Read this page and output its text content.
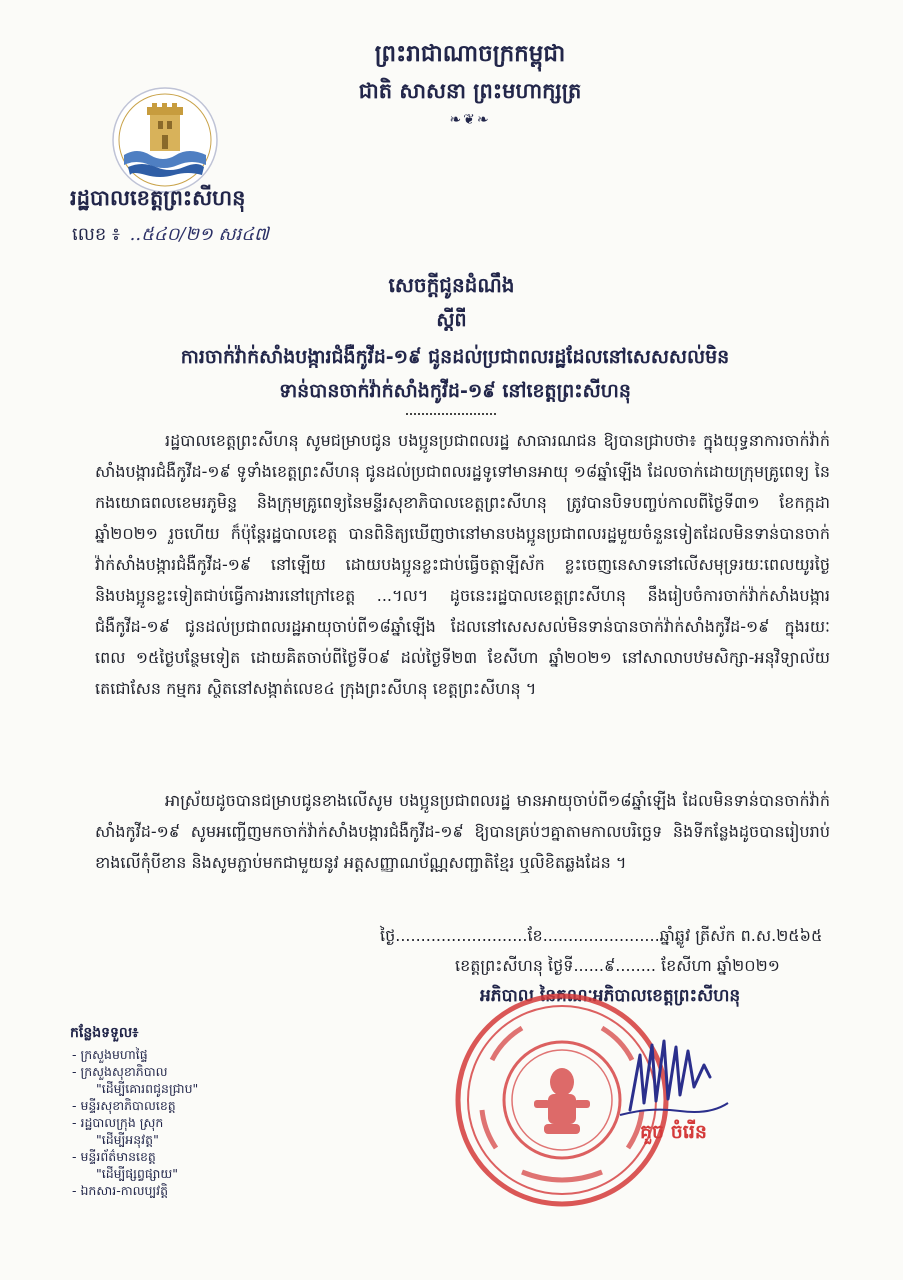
ព្រះរាជាណាចក្រកម្ពុជា
ជាតិ សាសនា ព្រះមហាក្សត្រ
❧❦❧
រដ្ឋបាលខេត្តព្រះសីហនុ
លេខ ៖ ..៥៤០/២១ សរ៤៧
សេចក្តីជូនដំណឹង
ស្តីពី
ការចាក់វ៉ាក់សាំងបង្ការជំងឺកូវីដ-១៩ ជូនដល់ប្រជាពលរដ្ឋដែលនៅសេសសល់មិន
ទាន់បានចាក់វ៉ាក់សាំងកូវីដ-១៩ នៅខេត្តព្រះសីហនុ
រដ្ឋបាលខេត្តព្រះសីហនុ សូមជម្រាបជូន បងប្អូនប្រជាពលរដ្ឋ សាធារណជន ឱ្យបានជ្រាបថា៖ ក្នុងយុទ្ធនាការចាក់វ៉ាក់សាំងបង្ការជំងឺកូវីដ-១៩ ទូទាំងខេត្តព្រះសីហនុ ជូនដល់ប្រជាពលរដ្ឋទូទៅមានអាយុ ១៨ឆ្នាំឡើង ដែលចាក់ដោយក្រុមគ្រូពេទ្យ នៃកងយោធពលខេមរភូមិន្ទ និងក្រុមគ្រូពេទ្យនៃមន្ទីរសុខាភិបាលខេត្តព្រះសីហនុ ត្រូវបានបិទបញ្ចប់កាលពីថ្ងៃទី៣១ ខែកក្កដា ឆ្នាំ២០២១ រួចហើយ ក៏ប៉ុន្តែរដ្ឋបាលខេត្ត បានពិនិត្យឃើញថានៅមានបងប្អូនប្រជាពលរដ្ឋមួយចំនួនទៀតដែលមិនទាន់បានចាក់វ៉ាក់សាំងបង្ការជំងឺកូវីដ-១៩ នៅឡើយ ដោយបងប្អូនខ្លះជាប់ធ្វើចត្តាឡីស័ក ខ្លះចេញនេសាទនៅលើសមុទ្ររយៈពេលយូរថ្ងៃ និងបងប្អូនខ្លះទៀតជាប់ធ្វើការងារនៅក្រៅខេត្ត ...។ល។ ដូចនេះរដ្ឋបាលខេត្តព្រះសីហនុ នឹងរៀបចំការចាក់វ៉ាក់សាំងបង្ការជំងឺកូវីដ-១៩ ជូនដល់ប្រជាពលរដ្ឋអាយុចាប់ពី១៨ឆ្នាំឡើង ដែលនៅសេសសល់មិនទាន់បានចាក់វ៉ាក់សាំងកូវីដ-១៩ ក្នុងរយៈពេល ១៥ថ្ងៃបន្ថែមទៀត ដោយគិតចាប់ពីថ្ងៃទី០៩ ដល់ថ្ងៃទី២៣ ខែសីហា ឆ្នាំ២០២១ នៅសាលាបឋមសិក្សា-អនុវិទ្យាល័យ តេជោសែន កម្មករ ស្ថិតនៅសង្កាត់លេខ៤ ក្រុងព្រះសីហនុ ខេត្តព្រះសីហនុ ។
អាស្រ័យដូចបានជម្រាបជូនខាងលើសូម បងប្អូនប្រជាពលរដ្ឋ មានអាយុចាប់ពី១៨ឆ្នាំឡើង ដែលមិនទាន់បានចាក់វ៉ាក់សាំងកូវីដ-១៩ សូមអញ្ជើញមកចាក់វ៉ាក់សាំងបង្ការជំងឺកូវីដ-១៩ ឱ្យបានគ្រប់ៗគ្នាតាមកាលបរិច្ឆេទ និងទីកន្លែងដូចបានរៀបរាប់ខាងលើកុំបីខាន និងសូមភ្ជាប់មកជាមួយនូវ អត្តសញ្ញាណប័ណ្ណសញ្ជាតិខ្មែរ ឬលិខិតឆ្លងដែន ។
ថ្ងៃ..........................ខែ.......................ឆ្នាំឆ្លូវ ត្រីស័ក ព.ស.២៥៦៥
ខេត្តព្រះសីហនុ ថ្ងៃទី......៩........ ខែសីហា ឆ្នាំ២០២១
អភិបាល នៃគណៈអភិបាលខេត្តព្រះសីហនុ
គួច ចំរើន
កន្លែងទទួល៖
- ក្រសួងមហាផ្ទៃ
- ក្រសួងសុខាភិបាល
"ដើម្បីគោរពជូនជ្រាប"
- មន្ទីរសុខាភិបាលខេត្ត
- រដ្ឋបាលក្រុង ស្រុក
"ដើម្បីអនុវត្ត"
- មន្ទីរព័ត៌មានខេត្ត
"ដើម្បីផ្សព្វផ្សាយ"
- ឯកសារ-កាលប្បវត្តិ
